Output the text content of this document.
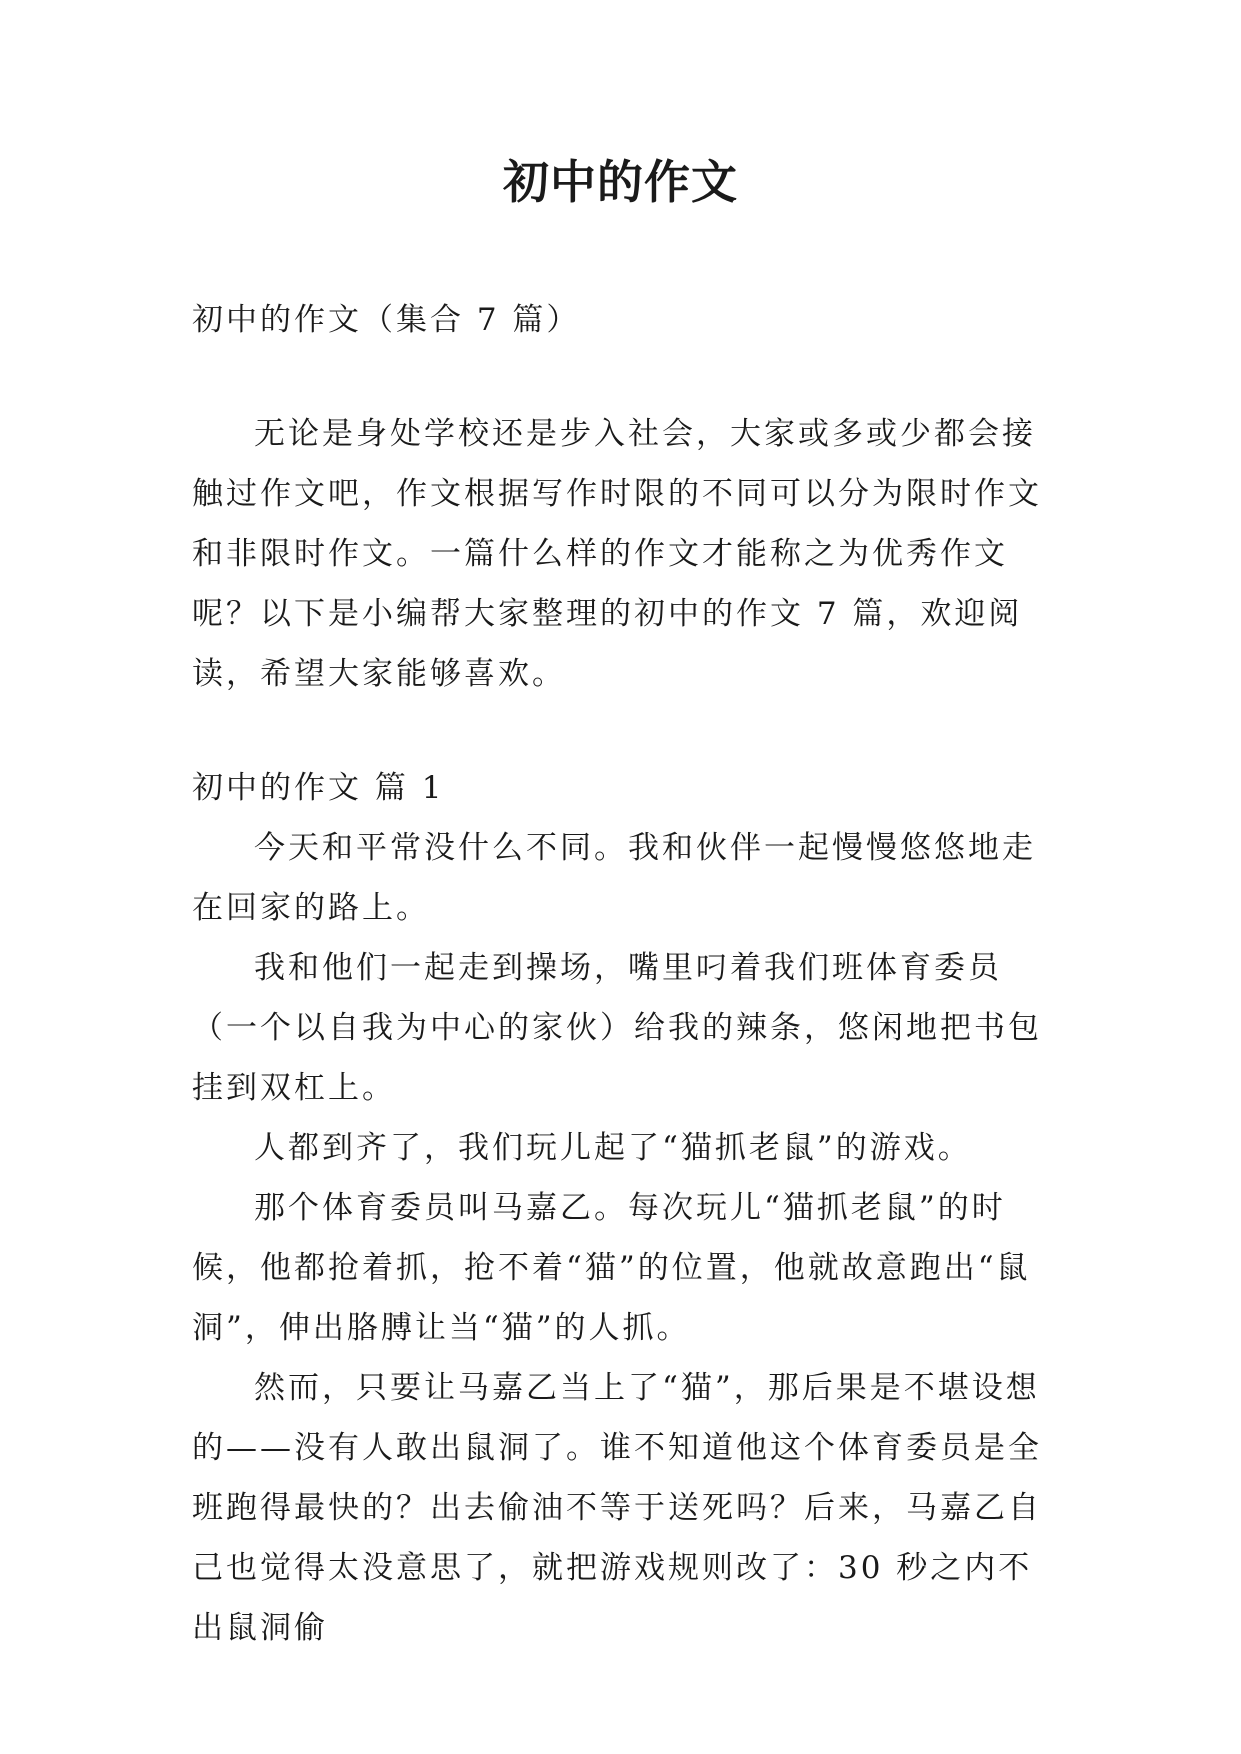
初中的作文

初中的作文（集合 7 篇）

无论是身处学校还是步入社会，大家或多或少都会接触过作文吧，作文根据写作时限的不同可以分为限时作文和非限时作文。一篇什么样的作文才能称之为优秀作文呢？以下是小编帮大家整理的初中的作文 7 篇，欢迎阅读，希望大家能够喜欢。

初中的作文 篇 1

今天和平常没什么不同。我和伙伴一起慢慢悠悠地走在回家的路上。

我和他们一起走到操场，嘴里叼着我们班体育委员（一个以自我为中心的家伙）给我的辣条，悠闲地把书包挂到双杠上。

人都到齐了，我们玩儿起了“猫抓老鼠”的游戏。

那个体育委员叫马嘉乙。每次玩儿“猫抓老鼠”的时候，他都抢着抓，抢不着“猫”的位置，他就故意跑出“鼠洞”，伸出胳膊让当“猫”的人抓。

然而，只要让马嘉乙当上了“猫”，那后果是不堪设想的——没有人敢出鼠洞了。谁不知道他这个体育委员是全班跑得最快的？出去偷油不等于送死吗？后来，马嘉乙自己也觉得太没意思了，就把游戏规则改了：30 秒之内不出鼠洞偷
